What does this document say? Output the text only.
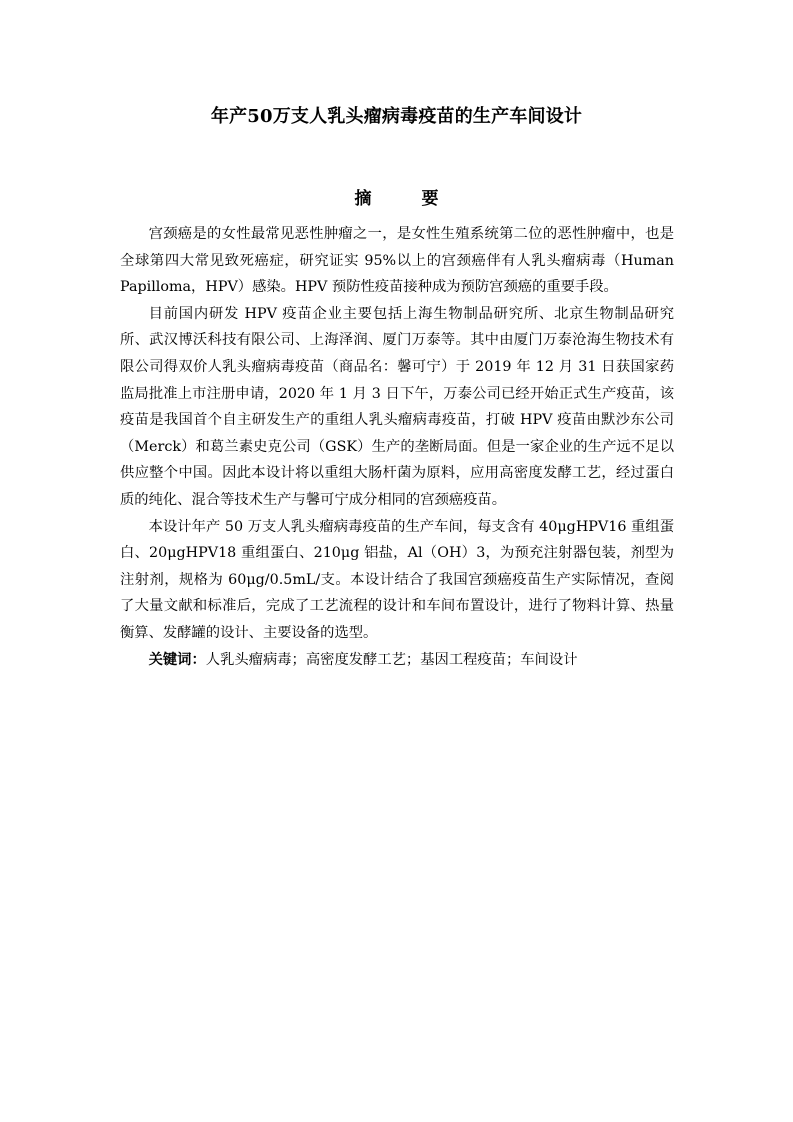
年产50万支人乳头瘤病毒疫苗的生产车间设计
摘 要

宫颈癌是的女性最常见恶性肿瘤之一，是女性生殖系统第二位的恶性肿瘤中，也是全球第四大常见致死癌症，研究证实 95%以上的宫颈癌伴有人乳头瘤病毒（Human Papilloma，HPV）感染。HPV 预防性疫苗接种成为预防宫颈癌的重要手段。

目前国内研发 HPV 疫苗企业主要包括上海生物制品研究所、北京生物制品研究所、武汉博沃科技有限公司、上海泽润、厦门万泰等。其中由厦门万泰沧海生物技术有限公司得双价人乳头瘤病毒疫苗（商品名：馨可宁）于 2019 年 12 月 31 日获国家药监局批准上市注册申请，2020 年 1 月 3 日下午，万泰公司已经开始正式生产疫苗，该疫苗是我国首个自主研发生产的重组人乳头瘤病毒疫苗，打破 HPV 疫苗由默沙东公司（Merck）和葛兰素史克公司（GSK）生产的垄断局面。但是一家企业的生产远不足以供应整个中国。因此本设计将以重组大肠杆菌为原料，应用高密度发酵工艺，经过蛋白质的纯化、混合等技术生产与馨可宁成分相同的宫颈癌疫苗。

本设计年产 50 万支人乳头瘤病毒疫苗的生产车间，每支含有 40μgHPV16 重组蛋白、20μgHPV18 重组蛋白、210μg 铝盐，Al（OH）3，为预充注射器包装，剂型为注射剂，规格为 60μg/0.5mL/支。本设计结合了我国宫颈癌疫苗生产实际情况，查阅了大量文献和标准后，完成了工艺流程的设计和车间布置设计，进行了物料计算、热量衡算、发酵罐的设计、主要设备的选型。

关键词：人乳头瘤病毒；高密度发酵工艺；基因工程疫苗；车间设计
